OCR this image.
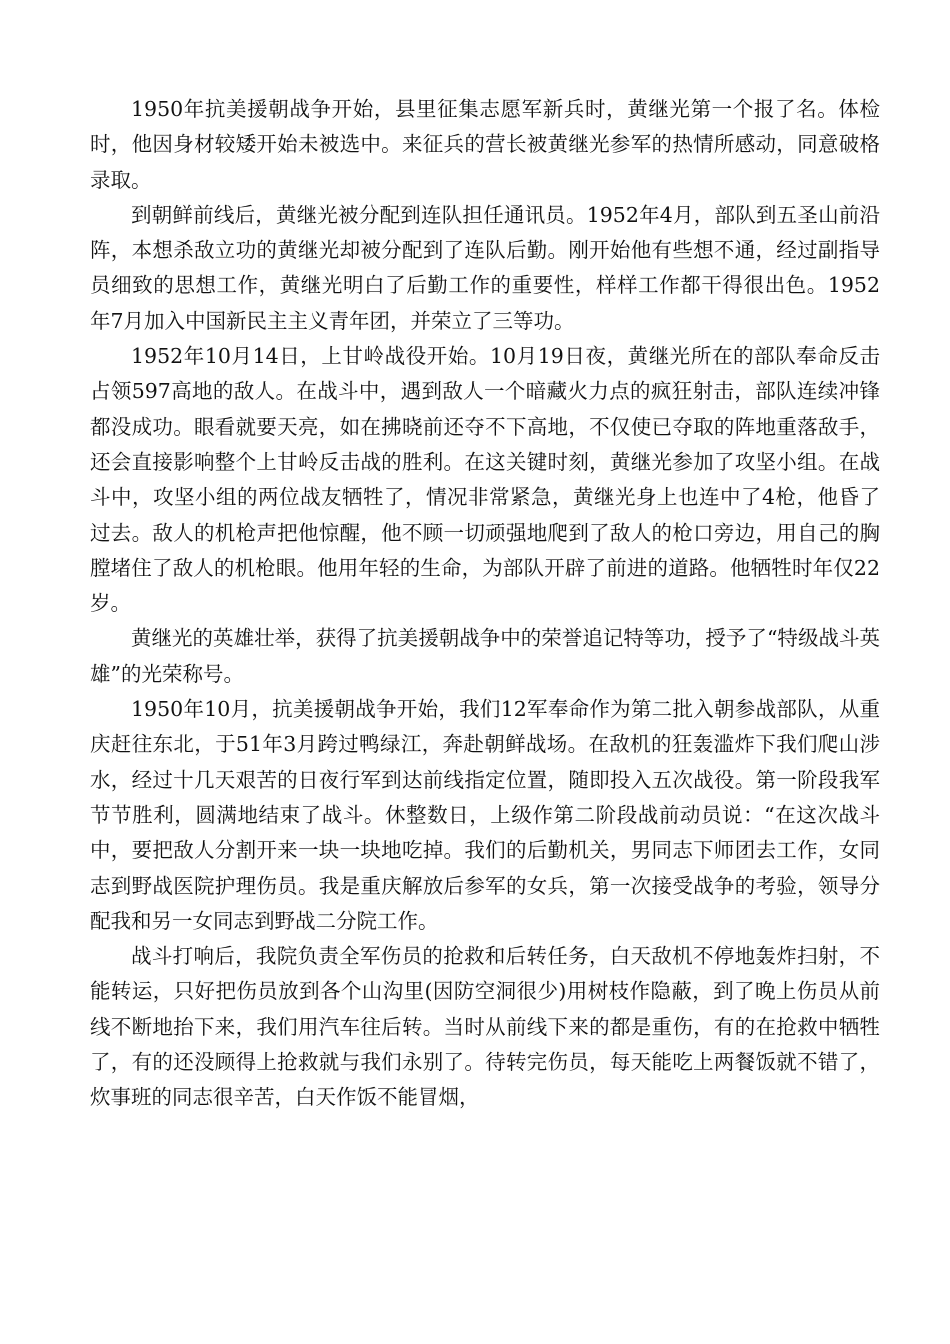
1950年抗美援朝战争开始，县里征集志愿军新兵时，黄继光第一个报了名。体检时，他因身材较矮开始未被选中。来征兵的营长被黄继光参军的热情所感动，同意破格录取。

到朝鲜前线后，黄继光被分配到连队担任通讯员。1952年4月，部队到五圣山前沿阵，本想杀敌立功的黄继光却被分配到了连队后勤。刚开始他有些想不通，经过副指导员细致的思想工作，黄继光明白了后勤工作的重要性，样样工作都干得很出色。1952年7月加入中国新民主主义青年团，并荣立了三等功。

1952年10月14日，上甘岭战役开始。10月19日夜，黄继光所在的部队奉命反击占领597高地的敌人。在战斗中，遇到敌人一个暗藏火力点的疯狂射击，部队连续冲锋都没成功。眼看就要天亮，如在拂晓前还夺不下高地，不仅使已夺取的阵地重落敌手，还会直接影响整个上甘岭反击战的胜利。在这关键时刻，黄继光参加了攻坚小组。在战斗中，攻坚小组的两位战友牺牲了，情况非常紧急，黄继光身上也连中了4枪，他昏了过去。敌人的机枪声把他惊醒，他不顾一切顽强地爬到了敌人的枪口旁边，用自己的胸膛堵住了敌人的机枪眼。他用年轻的生命，为部队开辟了前进的道路。他牺牲时年仅22岁。

黄继光的英雄壮举，获得了抗美援朝战争中的荣誉追记特等功，授予了“特级战斗英雄”的光荣称号。

1950年10月，抗美援朝战争开始，我们12军奉命作为第二批入朝参战部队，从重庆赶往东北，于51年3月跨过鸭绿江，奔赴朝鲜战场。在敌机的狂轰滥炸下我们爬山涉水，经过十几天艰苦的日夜行军到达前线指定位置，随即投入五次战役。第一阶段我军节节胜利，圆满地结束了战斗。休整数日，上级作第二阶段战前动员说：“在这次战斗中，要把敌人分割开来一块一块地吃掉。我们的后勤机关，男同志下师团去工作，女同志到野战医院护理伤员。我是重庆解放后参军的女兵，第一次接受战争的考验，领导分配我和另一女同志到野战二分院工作。

战斗打响后，我院负责全军伤员的抢救和后转任务，白天敌机不停地轰炸扫射，不能转运，只好把伤员放到各个山沟里(因防空洞很少)用树枝作隐蔽，到了晚上伤员从前线不断地抬下来，我们用汽车往后转。当时从前线下来的都是重伤，有的在抢救中牺牲了，有的还没顾得上抢救就与我们永别了。待转完伤员，每天能吃上两餐饭就不错了，炊事班的同志很辛苦，白天作饭不能冒烟，
